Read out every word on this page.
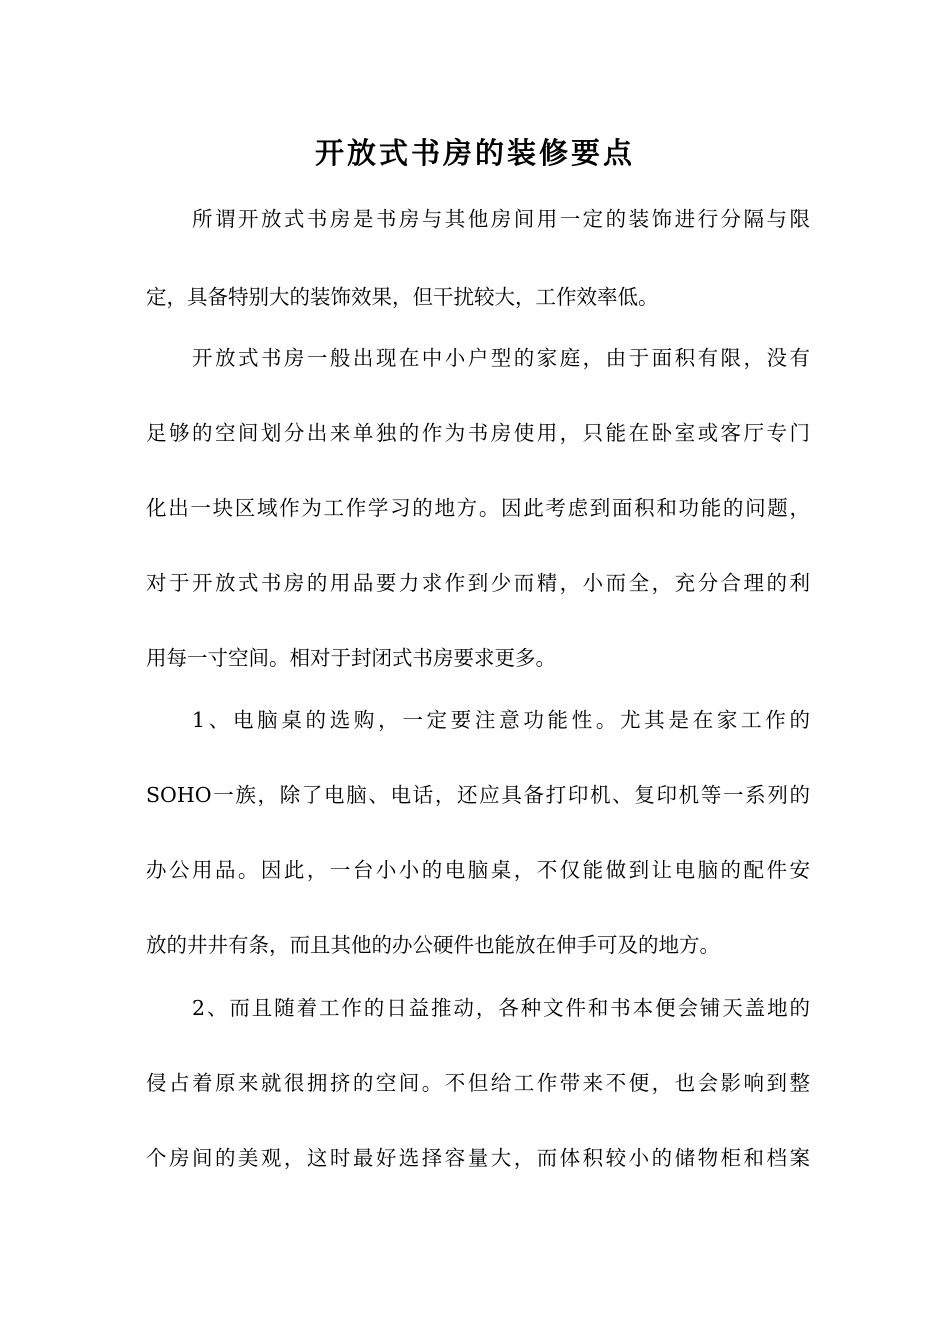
开放式书房的装修要点
所谓开放式书房是书房与其他房间用一定的装饰进行分隔与限
定，具备特别大的装饰效果，但干扰较大，工作效率低。
开放式书房一般出现在中小户型的家庭，由于面积有限，没有
足够的空间划分出来单独的作为书房使用，只能在卧室或客厅专门
化出一块区域作为工作学习的地方。因此考虑到面积和功能的问题，
对于开放式书房的用品要力求作到少而精，小而全，充分合理的利
用每一寸空间。相对于封闭式书房要求更多。
1、电脑桌的选购，一定要注意功能性。尤其是在家工作的
SOHO一族，除了电脑、电话，还应具备打印机、复印机等一系列的
办公用品。因此，一台小小的电脑桌，不仅能做到让电脑的配件安
放的井井有条，而且其他的办公硬件也能放在伸手可及的地方。
2、而且随着工作的日益推动，各种文件和书本便会铺天盖地的
侵占着原来就很拥挤的空间。不但给工作带来不便，也会影响到整
个房间的美观，这时最好选择容量大，而体积较小的储物柜和档案
